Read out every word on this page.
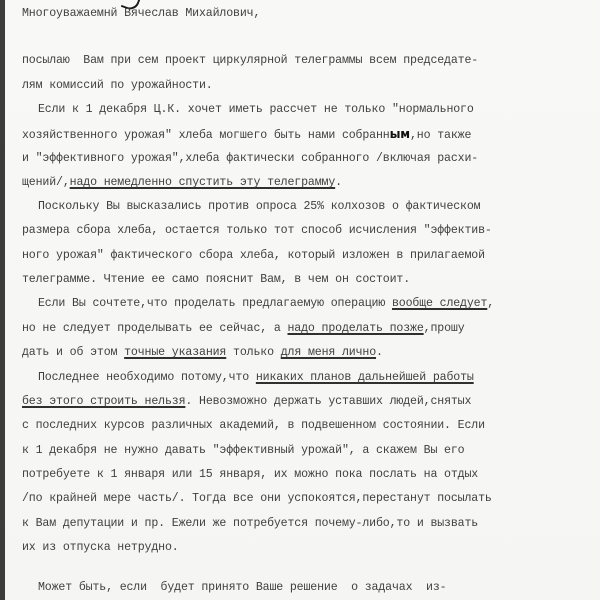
Многоуважаемнй Вячеслав Михайлович,
посылаю  Вам при сем проект циркулярной телеграммы всем председате-
лям комиссий по урожайности.
Если к 1 декабря Ц.К. хочет иметь рассчет не только "нормального
хозяйственного урожая" хлеба могшего быть нами собранным,но также
и "эффективного урожая",хлеба фактически собранного /включая расхи-
щений/,надо немедленно спустить эту телеграмму.
Поскольку Вы высказались против опроса 25% колхозов о фактическом
размера сбора хлеба, остается только тот способ исчисления "эффектив-
ного урожая" фактического сбора хлеба, который изложен в прилагаемой
телеграмме. Чтение ее само пояснит Вам, в чем он состоит.
Если Вы сочтете,что проделать предлагаемую операцию вообще следует,
но не следует проделывать ее сейчас, а надо проделать позже,прошу
дать и об этом точные указания только для меня лично.
Последнее необходимо потому,что никаких планов дальнейшей работы
без этого строить нельзя. Невозможно держать уставших людей,снятых
с последних курсов различных академий, в подвешенном состоянии. Если
к 1 декабря не нужно давать "эффективный урожай", а скажем Вы его
потребуете к 1 января или 15 января, их можно пока послать на отдых
/по крайней мере часть/. Тогда все они успокоятся,перестанут посылать
к Вам депутации и пр. Ежели же потребуется почему-либо,то и вызвать
их из отпуска нетрудно.
Может быть, если  будет принято Ваше решение  о задачах  из-
